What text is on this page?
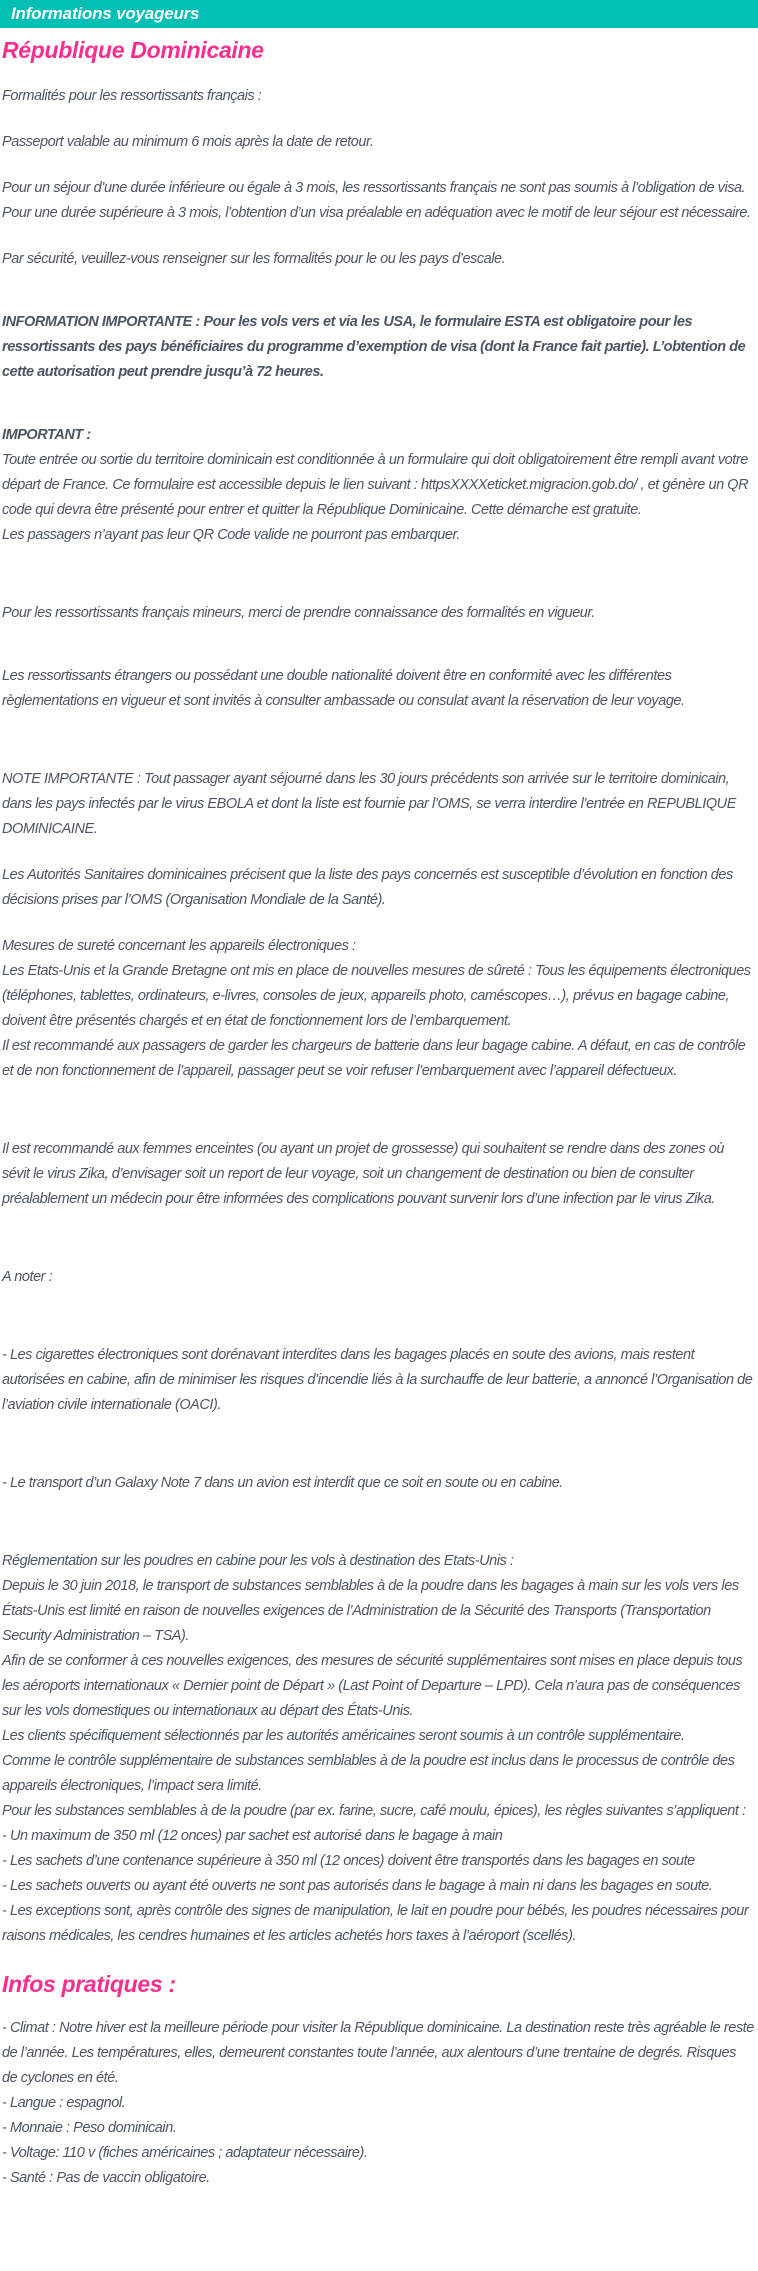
Informations voyageurs
République Dominicaine

Formalités pour les ressortissants français :

Passeport valable au minimum 6 mois après la date de retour.

Pour un séjour d’une durée inférieure ou égale à 3 mois, les ressortissants français ne sont pas soumis à l’obligation de visa.
Pour une durée supérieure à 3 mois, l’obtention d’un visa préalable en adéquation avec le motif de leur séjour est nécessaire.

Par sécurité, veuillez-vous renseigner sur les formalités pour le ou les pays d’escale.

INFORMATION IMPORTANTE : Pour les vols vers et via les USA, le formulaire ESTA est obligatoire pour les ressortissants des pays bénéficiaires du programme d’exemption de visa (dont la France fait partie). L’obtention de cette autorisation peut prendre jusqu’à 72 heures.

IMPORTANT :
Toute entrée ou sortie du territoire dominicain est conditionnée à un formulaire qui doit obligatoirement être rempli avant votre départ de France. Ce formulaire est accessible depuis le lien suivant : httpsXXXXeticket.migracion.gob.do/ , et génère un QR code qui devra être présenté pour entrer et quitter la République Dominicaine. Cette démarche est gratuite.
Les passagers n’ayant pas leur QR Code valide ne pourront pas embarquer.

Pour les ressortissants français mineurs, merci de prendre connaissance des formalités en vigueur.

Les ressortissants étrangers ou possédant une double nationalité doivent être en conformité avec les différentes règlementations en vigueur et sont invités à consulter ambassade ou consulat avant la réservation de leur voyage.

NOTE IMPORTANTE : Tout passager ayant séjourné dans les 30 jours précédents son arrivée sur le territoire dominicain, dans les pays infectés par le virus EBOLA et dont la liste est fournie par l’OMS, se verra interdire l’entrée en REPUBLIQUE DOMINICAINE.

Les Autorités Sanitaires dominicaines précisent que la liste des pays concernés est susceptible d’évolution en fonction des décisions prises par l’OMS (Organisation Mondiale de la Santé).

Mesures de sureté concernant les appareils électroniques :
Les Etats-Unis et la Grande Bretagne ont mis en place de nouvelles mesures de sûreté : Tous les équipements électroniques (téléphones, tablettes, ordinateurs, e-livres, consoles de jeux, appareils photo, caméscopes…), prévus en bagage cabine, doivent être présentés chargés et en état de fonctionnement lors de l’embarquement.
Il est recommandé aux passagers de garder les chargeurs de batterie dans leur bagage cabine. A défaut, en cas de contrôle et de non fonctionnement de l’appareil, passager peut se voir refuser l’embarquement avec l’appareil défectueux.

Il est recommandé aux femmes enceintes (ou ayant un projet de grossesse) qui souhaitent se rendre dans des zones où sévit le virus Zika, d’envisager soit un report de leur voyage, soit un changement de destination ou bien de consulter préalablement un médecin pour être informées des complications pouvant survenir lors d’une infection par le virus Zika.

A noter :

- Les cigarettes électroniques sont dorénavant interdites dans les bagages placés en soute des avions, mais restent autorisées en cabine, afin de minimiser les risques d’incendie liés à la surchauffe de leur batterie, a annoncé l’Organisation de l’aviation civile internationale (OACI).

- Le transport d’un Galaxy Note 7 dans un avion est interdit que ce soit en soute ou en cabine.

Réglementation sur les poudres en cabine pour les vols à destination des Etats-Unis :
Depuis le 30 juin 2018, le transport de substances semblables à de la poudre dans les bagages à main sur les vols vers les États-Unis est limité en raison de nouvelles exigences de l’Administration de la Sécurité des Transports (Transportation Security Administration – TSA).
Afin de se conformer à ces nouvelles exigences, des mesures de sécurité supplémentaires sont mises en place depuis tous les aéroports internationaux « Dernier point de Départ » (Last Point of Departure – LPD). Cela n’aura pas de conséquences sur les vols domestiques ou internationaux au départ des États-Unis.
Les clients spécifiquement sélectionnés par les autorités américaines seront soumis à un contrôle supplémentaire.
Comme le contrôle supplémentaire de substances semblables à de la poudre est inclus dans le processus de contrôle des appareils électroniques, l’impact sera limité.
Pour les substances semblables à de la poudre (par ex. farine, sucre, café moulu, épices), les règles suivantes s’appliquent :
- Un maximum de 350 ml (12 onces) par sachet est autorisé dans le bagage à main
- Les sachets d’une contenance supérieure à 350 ml (12 onces) doivent être transportés dans les bagages en soute
- Les sachets ouverts ou ayant été ouverts ne sont pas autorisés dans le bagage à main ni dans les bagages en soute.
- Les exceptions sont, après contrôle des signes de manipulation, le lait en poudre pour bébés, les poudres nécessaires pour raisons médicales, les cendres humaines et les articles achetés hors taxes à l’aéroport (scellés).

Infos pratiques :

- Climat : Notre hiver est la meilleure période pour visiter la République dominicaine. La destination reste très agréable le reste de l’année. Les températures, elles, demeurent constantes toute l’année, aux alentours d’une trentaine de degrés. Risques de cyclones en été.
- Langue : espagnol.
- Monnaie : Peso dominicain.
- Voltage: 110 v (fiches américaines ; adaptateur nécessaire).
- Santé : Pas de vaccin obligatoire.
